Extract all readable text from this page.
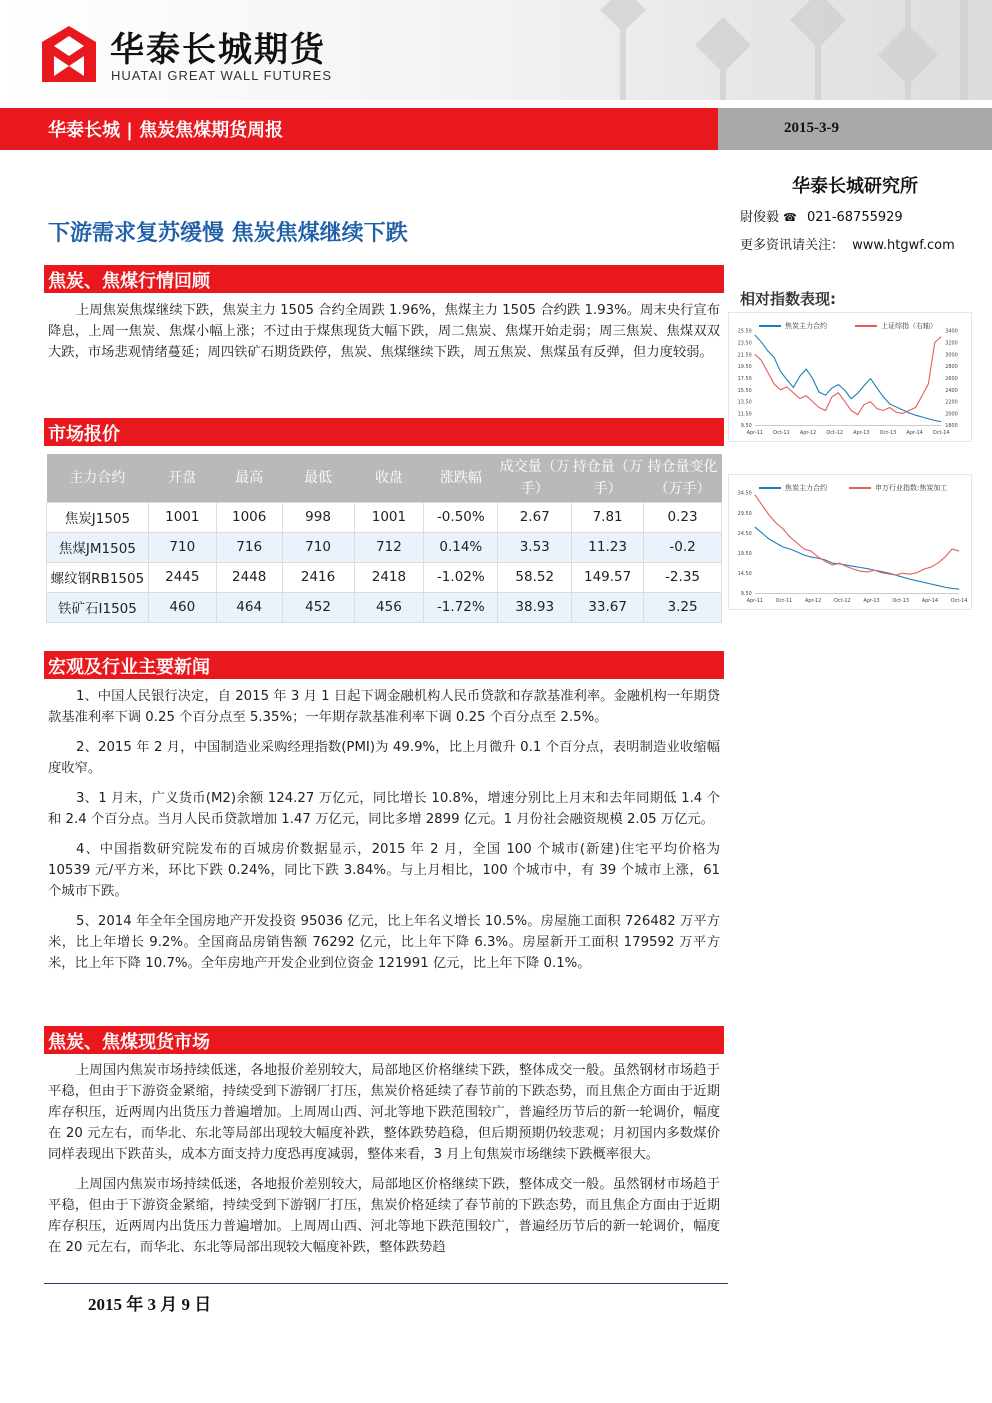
华泰长城期货
HUATAI GREAT WALL FUTURES
华泰长城 | 焦炭焦煤期货周报	2015-3-9
华泰长城研究所
尉俊毅 ☎ 021-68755929
更多资讯请关注： www.htgwf.com
相对指数表现:
9.50
11.50
13.50
15.50
17.50
19.50
21.50
23.50
25.50
1800
2000
2200
2400
2600
2800
3000
3200
3400
Apr-11 Oct-11 Apr-12 Oct-12 Apr-13 Oct-13 Apr-14 Oct-14
焦炭主力合约	上证综指（右轴）
9.50
14.50
19.50
24.50
29.50
34.50
Apr-11	Oct-11	Apr-12	Oct-12	Apr-13	Oct-13	Apr-14	Oct-14
焦炭主力合约	申万行业指数:焦炭加工
下游需求复苏缓慢 焦炭焦煤继续下跌
焦炭、焦煤行情回顾
上周焦炭焦煤继续下跌，焦炭主力 1505 合约全周跌 1.96%，焦煤主力 1505 合约跌 1.93%。周末央行宣布降息，上周一焦炭、焦煤小幅上涨；不过由于煤焦现货大幅下跌，周二焦炭、焦煤开始走弱；周三焦炭、焦煤双双大跌，市场悲观情绪蔓延；周四铁矿石期货跌停，焦炭、焦煤继续下跌，周五焦炭、焦煤虽有反弹，但力度较弱。
市场报价
主力合约	开盘	最高	最低	收盘	涨跌幅	成交量（万手）	持仓量（万手）	持仓量变化（万手）
焦炭J1505	1001	1006	998	1001	-0.50%	2.67	7.81	0.23
焦煤JM1505	710	716	710	712	0.14%	3.53	11.23	-0.2
螺纹钢RB1505	2445	2448	2416	2418	-1.02%	58.52	149.57	-2.35
铁矿石I1505	460	464	452	456	-1.72%	38.93	33.67	3.25
宏观及行业主要新闻

1、中国人民银行决定，自 2015 年 3 月 1 日起下调金融机构人民币贷款和存款基准利率。金融机构一年期贷款基准利率下调 0.25 个百分点至 5.35%；一年期存款基准利率下调 0.25 个百分点至 2.5%。

2、2015 年 2 月，中国制造业采购经理指数(PMI)为 49.9%，比上月微升 0.1 个百分点，表明制造业收缩幅度收窄。

3、1 月末，广义货币(M2)余额 124.27 万亿元，同比增长 10.8%，增速分别比上月末和去年同期低 1.4 个和 2.4 个百分点。当月人民币贷款增加 1.47 万亿元，同比多增 2899 亿元。1 月份社会融资规模 2.05 万亿元。

4、中国指数研究院发布的百城房价数据显示，2015 年 2 月，全国 100 个城市(新建)住宅平均价格为 10539 元/平方米，环比下跌 0.24%，同比下跌 3.84%。与上月相比，100 个城市中，有 39 个城市上涨，61 个城市下跌。

5、2014 年全年全国房地产开发投资 95036 亿元，比上年名义增长 10.5%。房屋施工面积 726482 万平方米，比上年增长 9.2%。全国商品房销售额 76292 亿元，比上年下降 6.3%。房屋新开工面积 179592 万平方米，比上年下降 10.7%。全年房地产开发企业到位资金 121991 亿元，比上年下降 0.1%。

焦炭、焦煤现货市场

上周国内焦炭市场持续低迷，各地报价差别较大，局部地区价格继续下跌，整体成交一般。虽然钢材市场趋于平稳，但由于下游资金紧缩，持续受到下游钢厂打压，焦炭价格延续了春节前的下跌态势，而且焦企方面由于近期库存积压，近两周内出货压力普遍增加。上周周山西、河北等地下跌范围较广，普遍经历节后的新一轮调价，幅度在 20 元左右，而华北、东北等局部出现较大幅度补跌，整体跌势趋稳，但后期预期仍较悲观；月初国内多数煤价同样表现出下跌苗头，成本方面支持力度恐再度减弱，整体来看，3 月上旬焦炭市场继续下跌概率很大。

上周国内焦炭市场持续低迷，各地报价差别较大，局部地区价格继续下跌，整体成交一般。虽然钢材市场趋于平稳，但由于下游资金紧缩，持续受到下游钢厂打压，焦炭价格延续了春节前的下跌态势，而且焦企方面由于近期库存积压，近两周内出货压力普遍增加。上周周山西、河北等地下跌范围较广，普遍经历节后的新一轮调价，幅度在 20 元左右，而华北、东北等局部出现较大幅度补跌，整体跌势趋

2015 年 3 月 9 日
